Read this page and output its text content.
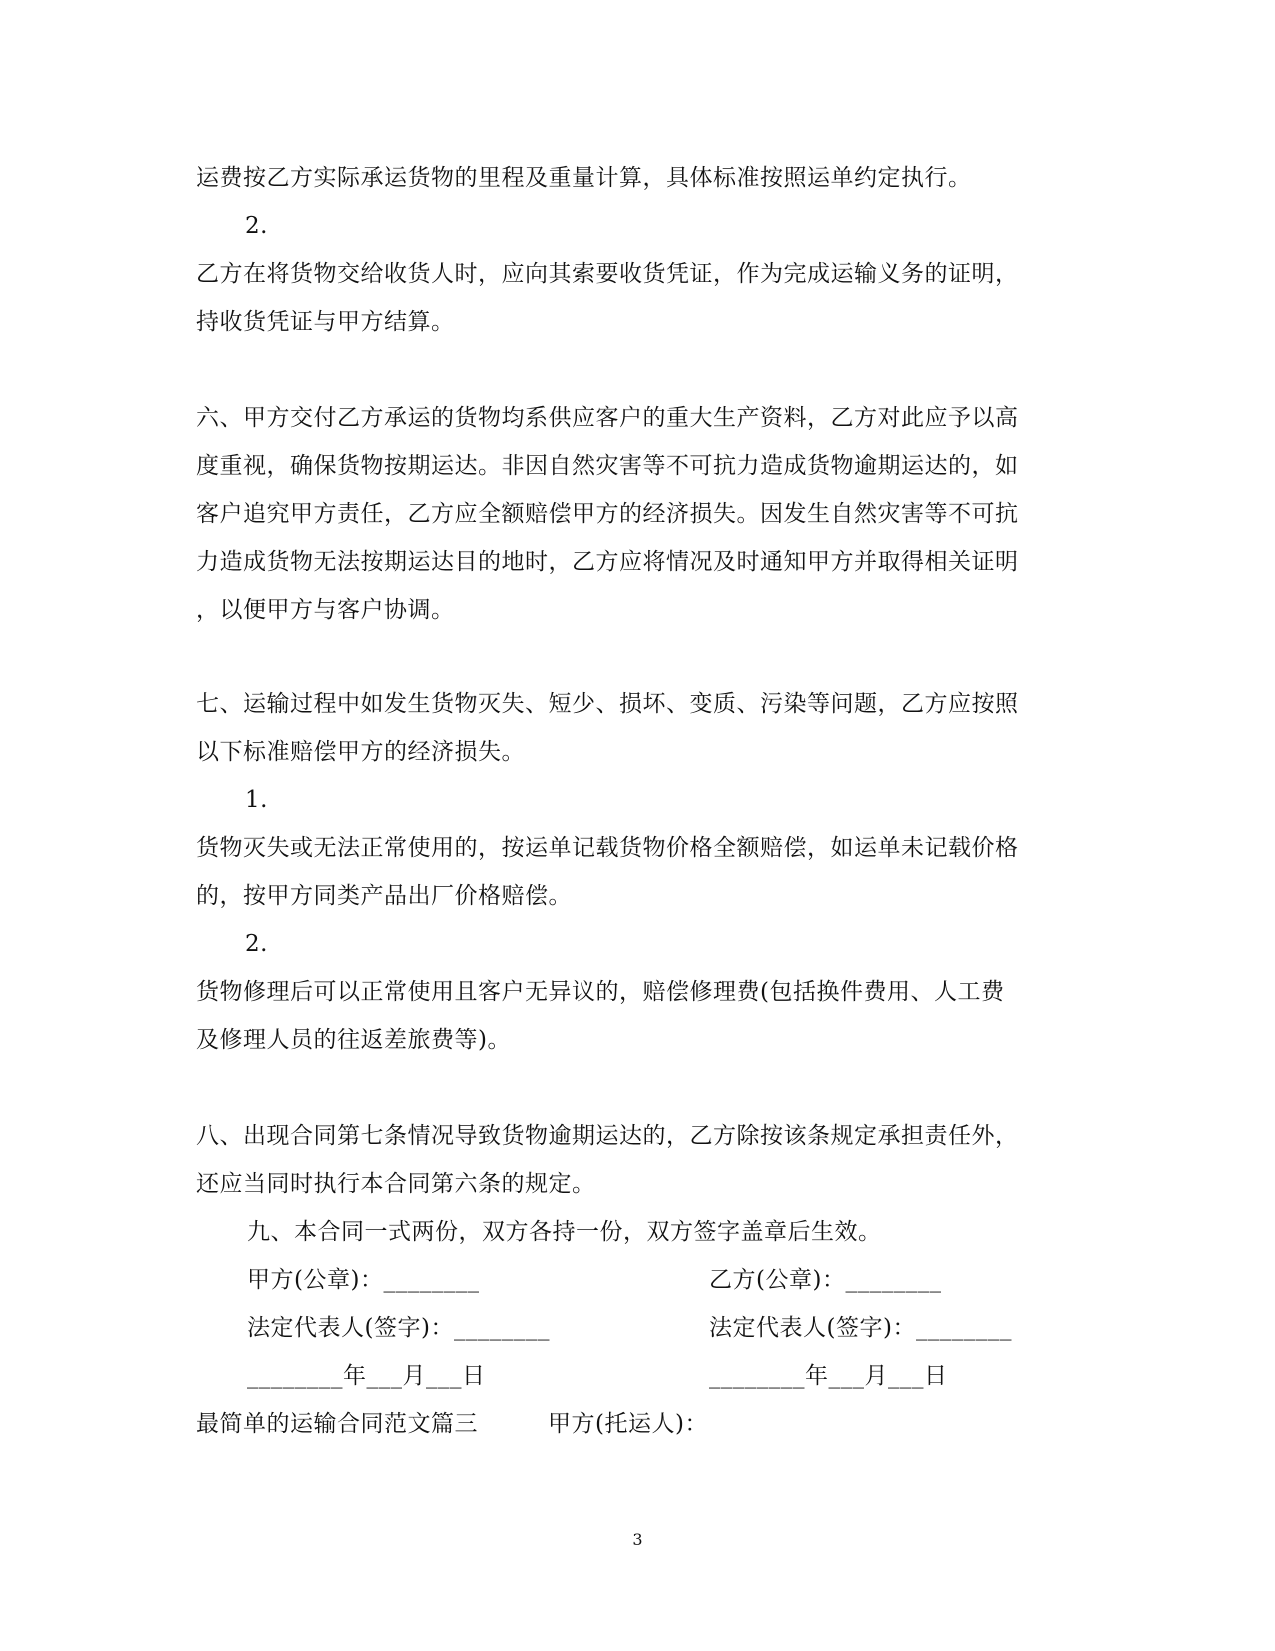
运费按乙方实际承运货物的里程及重量计算，具体标准按照运单约定执行。
2.
乙方在将货物交给收货人时，应向其索要收货凭证，作为完成运输义务的证明，
持收货凭证与甲方结算。
六、甲方交付乙方承运的货物均系供应客户的重大生产资料，乙方对此应予以高
度重视，确保货物按期运达。非因自然灾害等不可抗力造成货物逾期运达的，如
客户追究甲方责任，乙方应全额赔偿甲方的经济损失。因发生自然灾害等不可抗
力造成货物无法按期运达目的地时，乙方应将情况及时通知甲方并取得相关证明
，以便甲方与客户协调。
七、运输过程中如发生货物灭失、短少、损坏、变质、污染等问题，乙方应按照
以下标准赔偿甲方的经济损失。
1.
货物灭失或无法正常使用的，按运单记载货物价格全额赔偿，如运单未记载价格
的，按甲方同类产品出厂价格赔偿。
2.
货物修理后可以正常使用且客户无异议的，赔偿修理费(包括换件费用、人工费
及修理人员的往返差旅费等)。
八、出现合同第七条情况导致货物逾期运达的，乙方除按该条规定承担责任外，
还应当同时执行本合同第六条的规定。
九、本合同一式两份，双方各持一份，双方签字盖章后生效。
甲方(公章)：________	乙方(公章)：________
法定代表人(签字)：________	法定代表人(签字)：________
________年___月___日	________年___月___日
最简单的运输合同范文篇三	甲方(托运人)：
3
